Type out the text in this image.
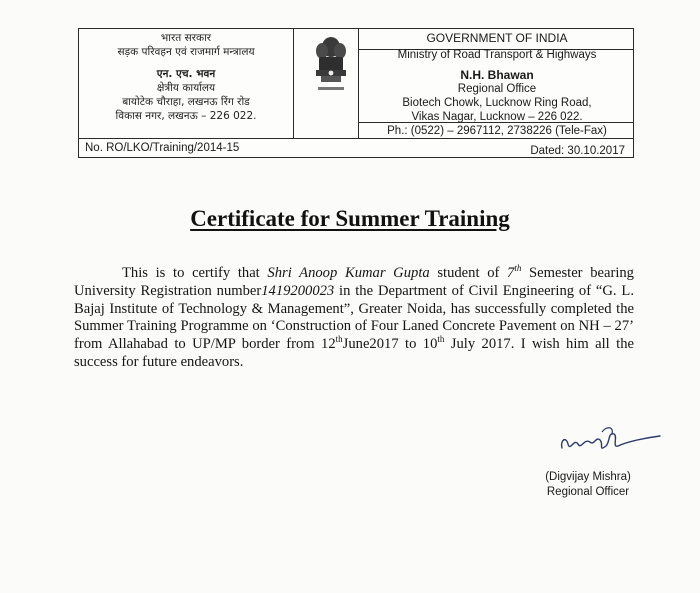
भारत सरकार
सड़क परिवहन एवं राजमार्ग मन्त्रालय
एन. एच. भवन
क्षेत्रीय कार्यालय
बायोटेक चौराहा, लखनऊ रिंग रोड
विकास नगर, लखनऊ – 226 022.
GOVERNMENT OF INDIA
Ministry of Road Transport & Highways
N.H. Bhawan
Regional Office
Biotech Chowk, Lucknow Ring Road,
Vikas Nagar, Lucknow – 226 022.
Ph.: (0522) – 2967112, 2738226 (Tele-Fax)
No. RO/LKO/Training/2014-15	Dated: 30.10.2017
Certificate for Summer Training
This is to certify that Shri Anoop Kumar Gupta student of 7th Semester bearing University Registration number1419200023 in the Department of Civil Engineering of “G. L. Bajaj Institute of Technology & Management”, Greater Noida, has successfully completed the Summer Training Programme on ‘Construction of Four Laned Concrete Pavement on NH – 27’ from Allahabad to UP/MP border from 12thJune2017 to 10th July 2017. I wish him all the success for future endeavors.
(Digvijay Mishra)
Regional Officer
